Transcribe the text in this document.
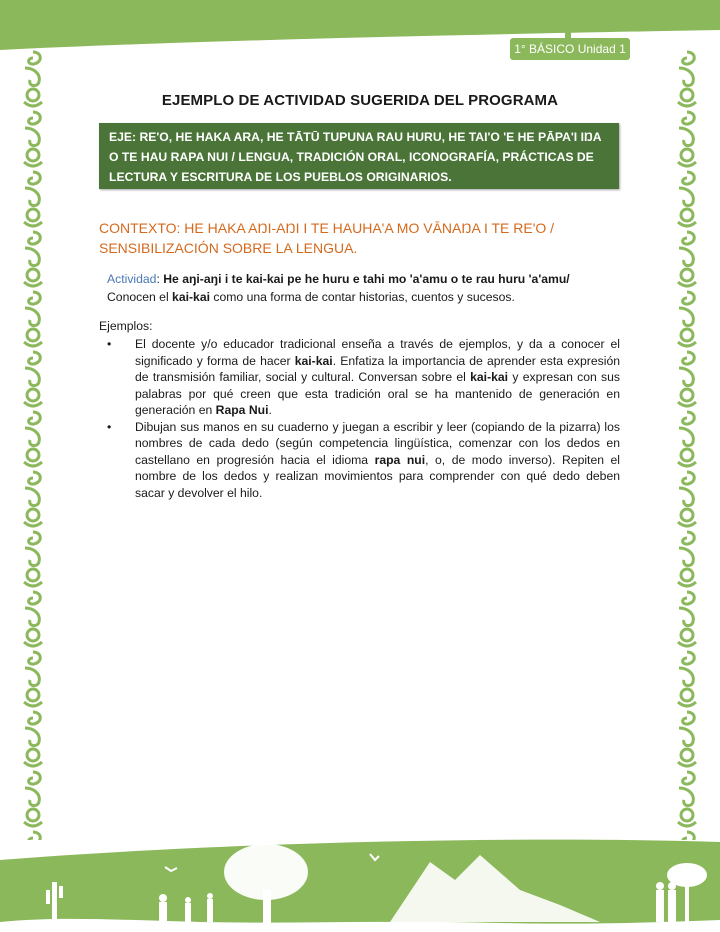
1° BÁSICO Unidad 1
EJEMPLO DE ACTIVIDAD SUGERIDA DEL PROGRAMA
EJE: RE'O, HE HAKA ARA, HE TĀTŪ TUPUNA RAU HURU, HE TAI'O 'E HE PĀPA'I IŊA O TE HAU RAPA NUI / LENGUA, TRADICIÓN ORAL, ICONOGRAFÍA, PRÁCTICAS DE LECTURA Y ESCRITURA DE LOS PUEBLOS ORIGINARIOS.
CONTEXTO: HE HAKA AŊI-AŊI I TE HAUHA'A MO VĀNAŊA I TE RE'O / SENSIBILIZACIÓN SOBRE LA LENGUA.
Actividad: He aŋi-aŋi i te kai-kai pe he huru e tahi mo 'a'amu o te rau huru 'a'amu/ Conocen el kai-kai como una forma de contar historias, cuentos y sucesos.
Ejemplos:
• El docente y/o educador tradicional enseña a través de ejemplos, y da a conocer el significado y forma de hacer kai-kai. Enfatiza la importancia de aprender esta expresión de transmisión familiar, social y cultural. Conversan sobre el kai-kai y expresan con sus palabras por qué creen que esta tradición oral se ha mantenido de generación en generación en Rapa Nui.
• Dibujan sus manos en su cuaderno y juegan a escribir y leer (copiando de la pizarra) los nombres de cada dedo (según competencia lingüística, comenzar con los dedos en castellano en progresión hacia el idioma rapa nui, o, de modo inverso). Repiten el nombre de los dedos y realizan movimientos para comprender con qué dedo deben sacar y devolver el hilo.
